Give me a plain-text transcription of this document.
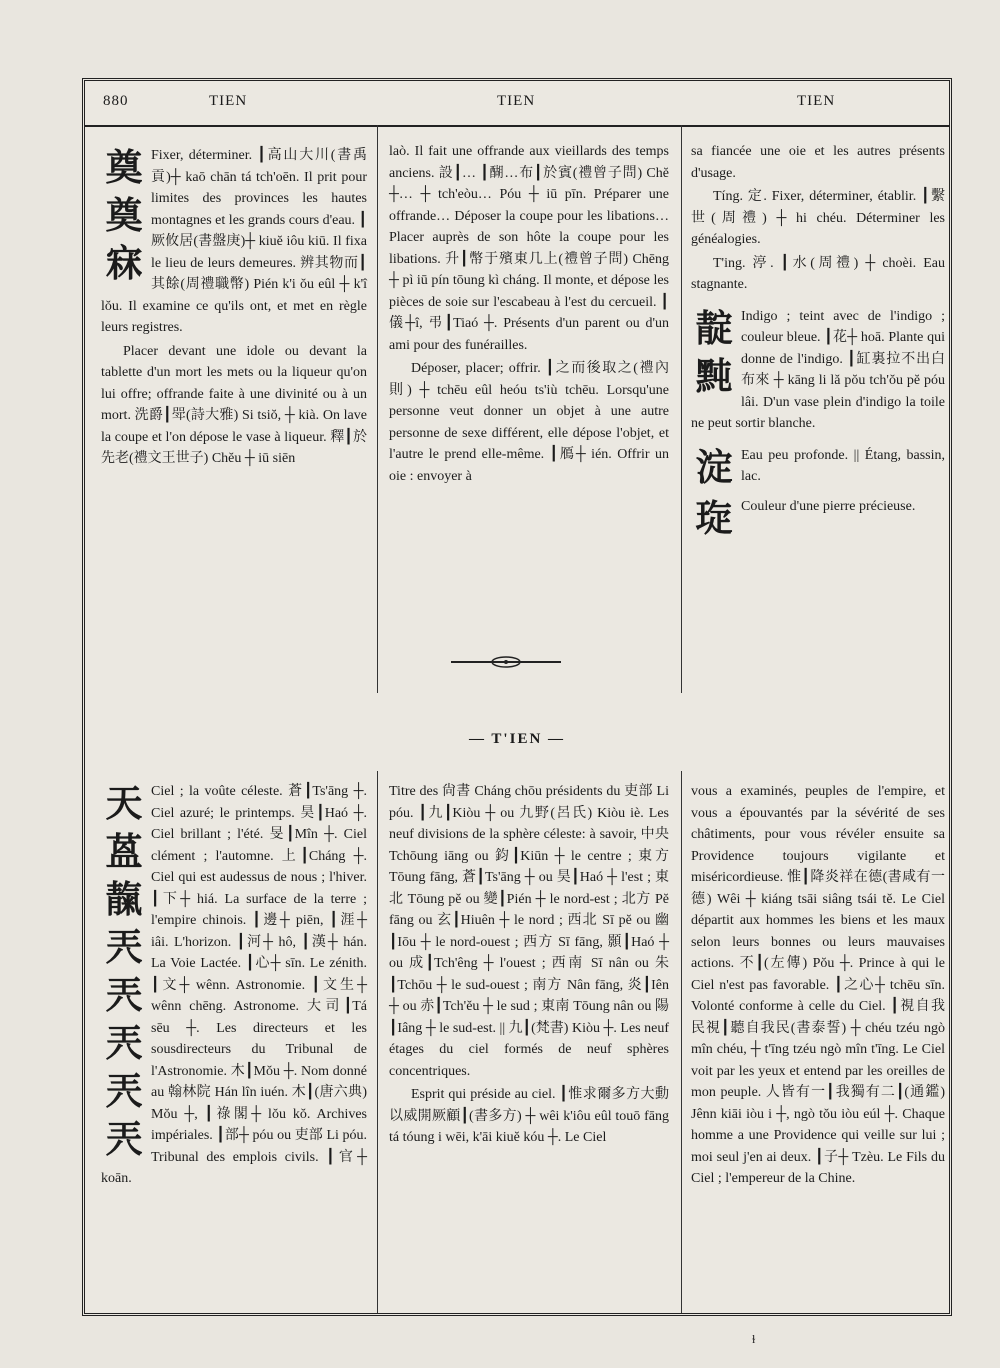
880	TIEN	TIEN	TIEN
奠
奠
㝝

Fixer, déterminer. ┃高山大川(書禹貢)┼ kaō chān tá tch'oēn. Il prit pour limites des provinces les hautes montagnes et les grands cours d'eau. ┃厥攸居(書盤庚)┼ kiuĕ iôu kiū. Il fixa le lieu de leurs demeures. 辨其物而┃其餘(周禮職幣) Pién k'i ŏu eûl ┼ k'î lŏu. Il examine ce qu'ils ont, et met en règle leurs registres.

Placer devant une idole ou devant la tablette d'un mort les mets ou la liqueur qu'on lui offre; offrande faite à une divinité ou à un mort. 洗爵┃斝(詩大雅) Si tsiŏ, ┼ kià. On lave la coupe et l'on dépose le vase à liqueur. 釋┃於先老(禮文王世子) Chĕu ┼ iū siēn

laò. Il fait une offrande aux vieillards des temps anciens. 設┃… ┃醐…布┃於賓(禮曾子問) Chĕ ┼… ┼ tch'eòu… Póu ┼ iū pīn. Préparer une offrande… Déposer la coupe pour les libations… Placer auprès de son hôte la coupe pour les libations. 升┃幣于殯東几上(禮曾子問) Chēng ┼ pì iū pín tōung kì cháng. Il monte, et dépose les pièces de soie sur l'escabeau à l'est du cercueil. ┃儀┼î, 弔┃Tiaó ┼. Présents d'un parent ou d'un ami pour des funérailles.

Déposer, placer; offrir. ┃之而後取之(禮內則) ┼ tchēu eûl heóu ts'iù tchēu. Lorsqu'une personne veut donner un objet à une autre personne de sexe différent, elle dépose l'objet, et l'autre le prend elle-même. ┃鴈┼ ién. Offrir un oie : envoyer à

sa fiancée une oie et les autres présents d'usage.

Tíng. 定. Fixer, déterminer, établir. ┃繫世(周禮) ┼ hi chéu. Déterminer les généalogies.

T'ing. 渟. ┃水(周禮) ┼ choèi. Eau stagnante.

靛
黗

Indigo ; teint avec de l'indigo ; couleur bleue. ┃花┼ hoā. Plante qui donne de l'indigo. ┃缸裏拉不出白布來 ┼ kāng li lă pŏu tch'ŏu pĕ póu lâi. D'un vase plein d'indigo la toile ne peut sortir blanche.

淀 Eau peu profonde. || Étang, bassin, lac.

琁 Couleur d'une pierre précieuse.

— T'IEN —
天
蒕
靝
兲
兲
兲
兲
兲

Ciel ; la voûte céleste. 蒼┃Ts'āng ┼. Ciel azuré; le printemps. 昊┃Haó ┼. Ciel brillant ; l'été. 旻┃Mîn ┼. Ciel clément ; l'automne. 上┃Cháng ┼. Ciel qui est audessus de nous ; l'hiver. ┃下┼ hiá. La surface de la terre ; l'empire chinois. ┃邊┼ piēn, ┃涯┼ iâi. L'horizon. ┃河┼ hô, ┃漢┼ hán. La Voie Lactée. ┃心┼ sīn. Le zénith. ┃文┼ wênn. Astronomie. ┃文生┼ wênn chēng. Astronome. 大司┃Tá sēu ┼. Les directeurs et les sousdirecteurs du Tribunal de l'Astronomie. 木┃Mŏu ┼. Nom donné au 翰林院 Hán lîn iuén. 木┃(唐六典) Mŏu ┼, ┃祿閣┼ lŏu kŏ. Archives impériales. ┃部┼ póu ou 吏部 Li póu. Tribunal des emplois civils. ┃官┼ koān.

Titre des 尙書 Cháng chōu présidents du 吏部 Li póu. ┃九┃Kiòu ┼ ou 九野(呂氏) Kiòu iè. Les neuf divisions de la sphère céleste: à savoir, 中央 Tchōung iāng ou 鈞┃Kiūn ┼ le centre ; 東方 Tōung fāng, 蒼┃Ts'āng ┼ ou 昊┃Haó ┼ l'est ; 東北 Tōung pĕ ou 變┃Pién ┼ le nord-est ; 北方 Pĕ fāng ou 玄┃Hiuên ┼ le nord ; 西北 Sī pĕ ou 幽┃Iōu ┼ le nord-ouest ; 西方 Sī fāng, 顥┃Haó ┼ ou 成┃Tch'êng ┼ l'ouest ; 西南 Sī nân ou 朱┃Tchōu ┼ le sud-ouest ; 南方 Nân fāng, 炎┃Iên ┼ ou 赤┃Tch'ĕu ┼ le sud ; 東南 Tōung nân ou 陽┃Iâng ┼ le sud-est. || 九┃(梵書) Kiòu ┼. Les neuf étages du ciel formés de neuf sphères concentriques.

Esprit qui préside au ciel. ┃惟求爾多方大動以威開厥顧┃(書多方) ┼ wêi k'iôu eûl touō fāng tá tóung i wēi, k'āi kiuĕ kóu ┼. Le Ciel

vous a examinés, peuples de l'empire, et vous a épouvantés par la sévérité de ses châtiments, pour vous révéler ensuite sa Providence toujours vigilante et miséricordieuse. 惟┃降炎祥在德(書咸有一德) Wêi ┼ kiáng tsāi siâng tsái tĕ. Le Ciel départit aux hommes les biens et les maux selon leurs bonnes ou leurs mauvaises actions. 不┃(左傳) Pŏu ┼. Prince à qui le Ciel n'est pas favorable. ┃之心┼ tchēu sīn. Volonté conforme à celle du Ciel. ┃視自我民視┃聽自我民(書泰誓) ┼ chéu tzéu ngò mîn chéu, ┼ t'īng tzéu ngò mîn t'īng. Le Ciel voit par les yeux et entend par les oreilles de mon peuple. 人皆有一┃我獨有二┃(通鑑) Jênn kiāi iòu i ┼, ngò tŏu iòu eúl ┼. Chaque homme a une Providence qui veille sur lui ; moi seul j'en ai deux. ┃子┼ Tzèu. Le Fils du Ciel ; l'empereur de la Chine.

ɫ
